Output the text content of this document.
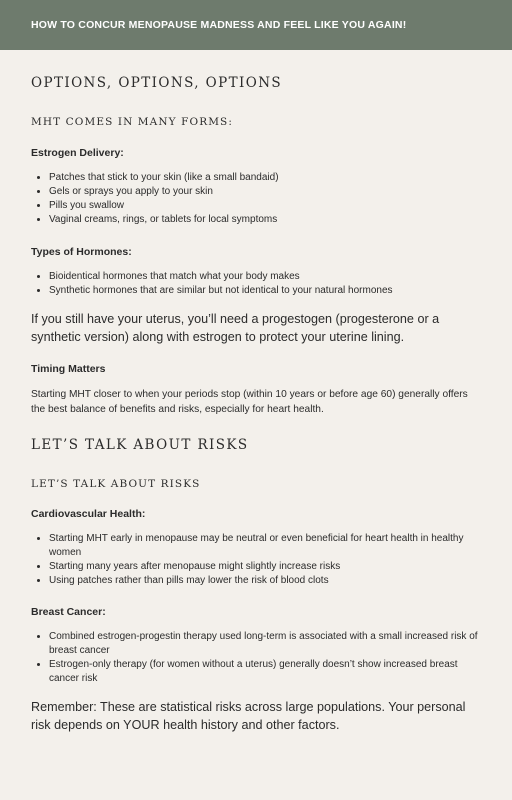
HOW TO CONCUR MENOPAUSE MADNESS AND FEEL LIKE YOU AGAIN!
OPTIONS, OPTIONS, OPTIONS
MHT COMES IN MANY FORMS:

Estrogen Delivery:

• Patches that stick to your skin (like a small bandaid)
• Gels or sprays you apply to your skin
• Pills you swallow
• Vaginal creams, rings, or tablets for local symptoms

Types of Hormones:

• Bioidentical hormones that match what your body makes
• Synthetic hormones that are similar but not identical to your natural hormones

If you still have your uterus, you’ll need a progestogen (progesterone or a synthetic version) along with estrogen to protect your uterine lining.

Timing Matters

Starting MHT closer to when your periods stop (within 10 years or before age 60) generally offers the best balance of benefits and risks, especially for heart health.

LET’S TALK ABOUT RISKS
LET’S TALK ABOUT RISKS

Cardiovascular Health:

• Starting MHT early in menopause may be neutral or even beneficial for heart health in healthy women
• Starting many years after menopause might slightly increase risks
• Using patches rather than pills may lower the risk of blood clots

Breast Cancer:

• Combined estrogen-progestin therapy used long-term is associated with a small increased risk of breast cancer
• Estrogen-only therapy (for women without a uterus) generally doesn’t show increased breast cancer risk

Remember: These are statistical risks across large populations. Your personal risk depends on YOUR health history and other factors.
